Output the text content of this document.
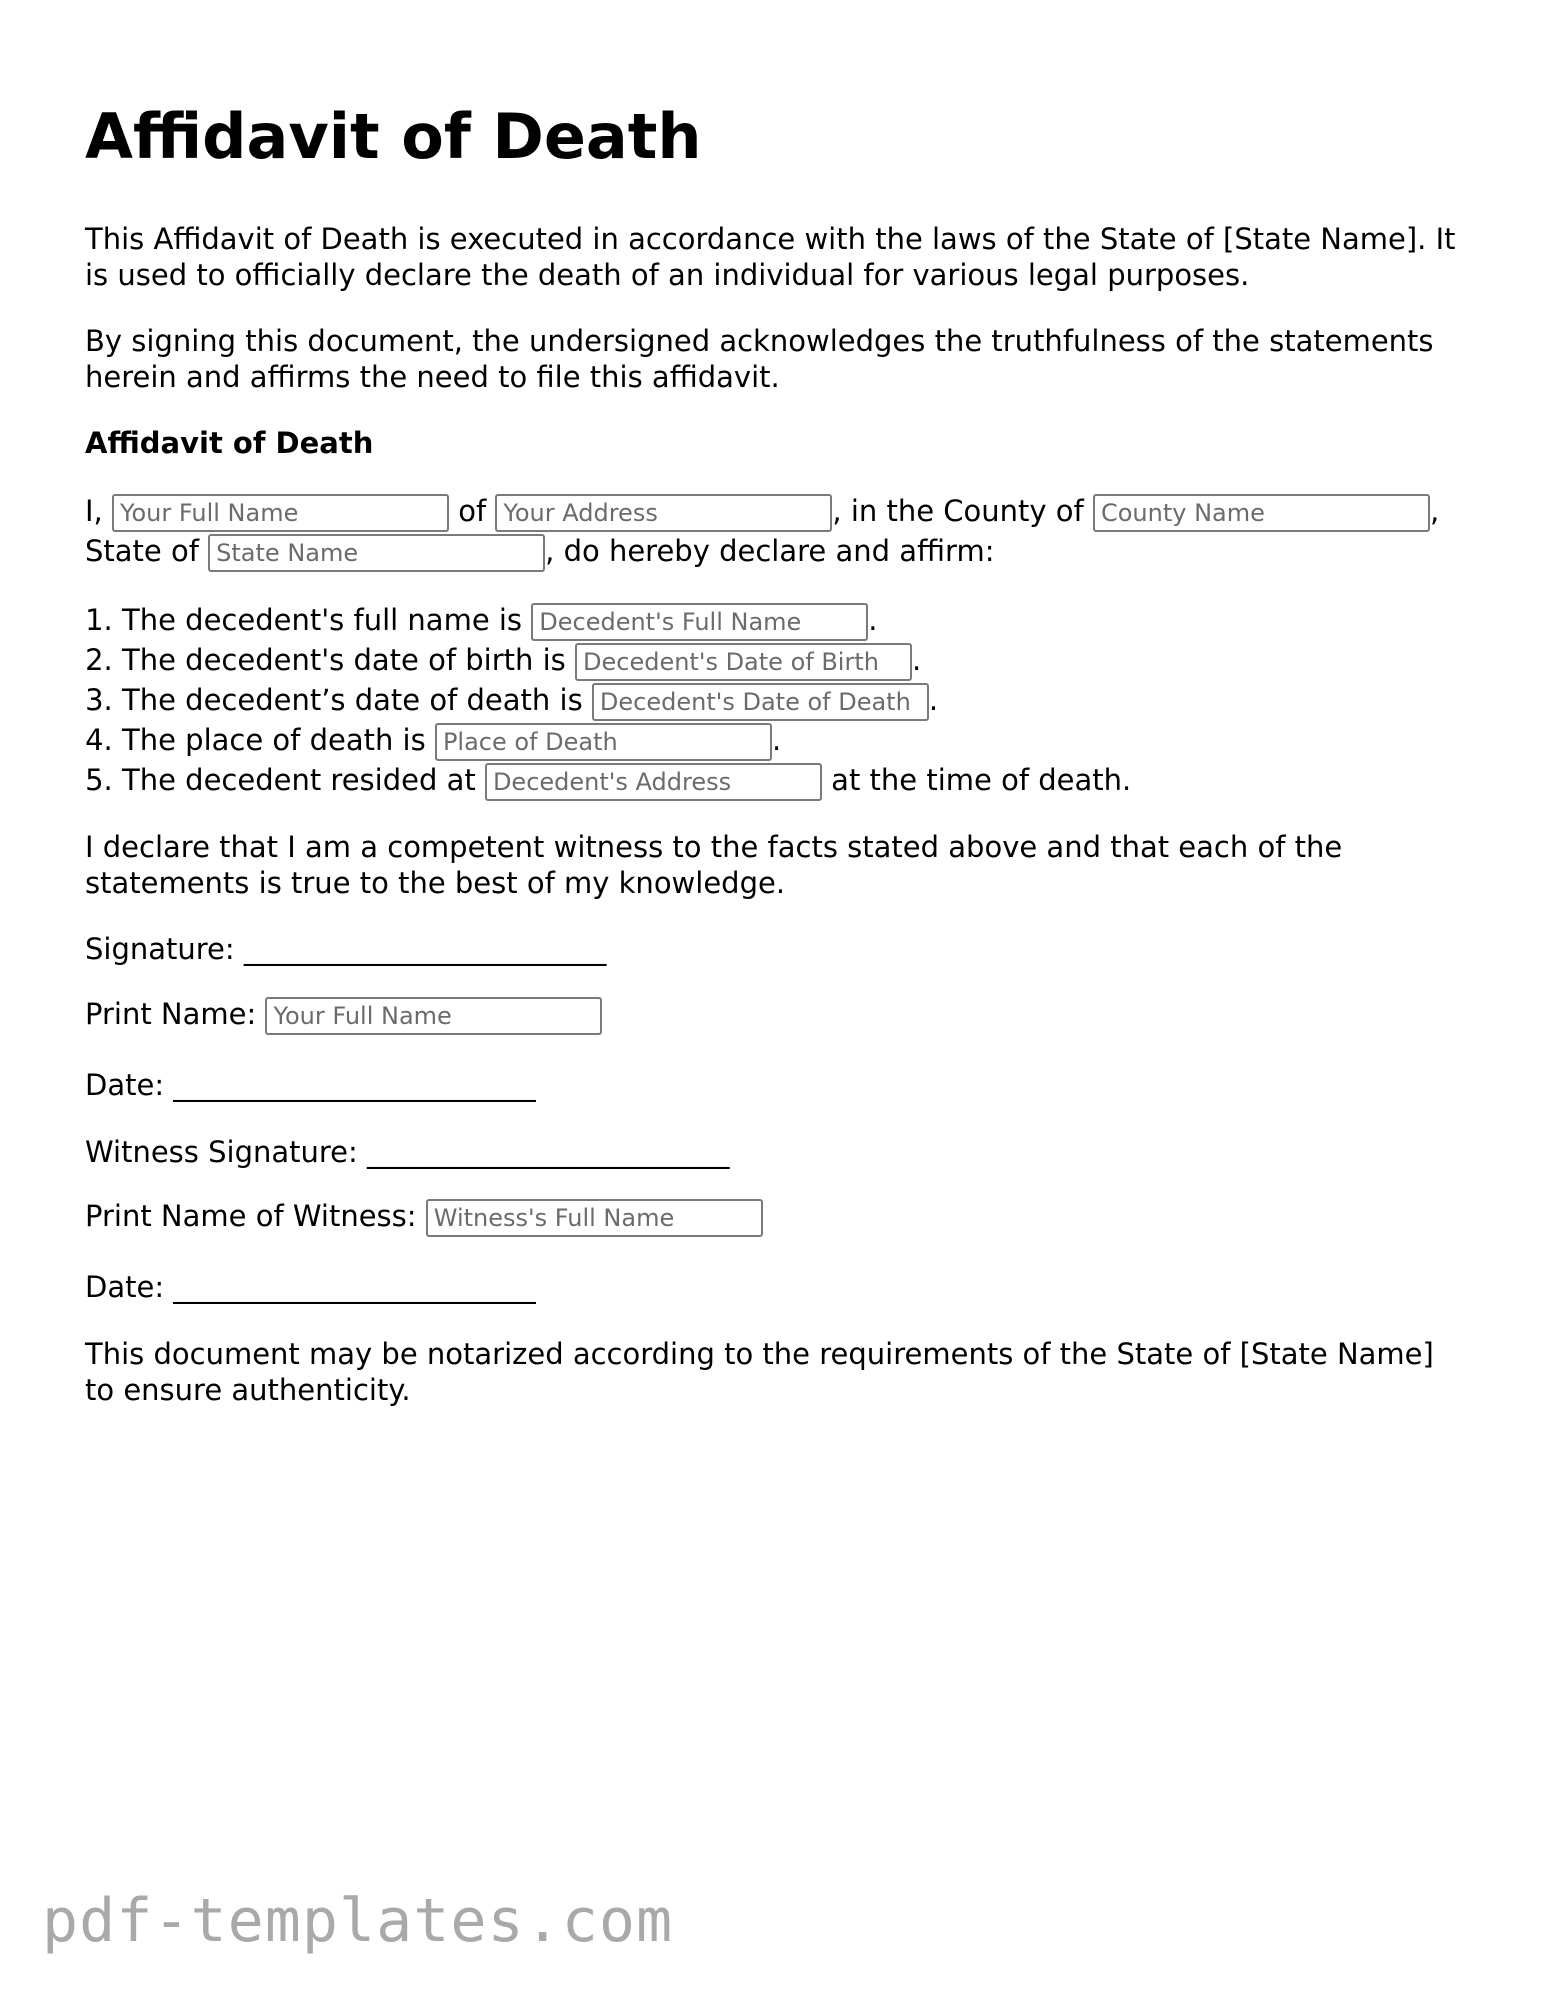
Affidavit of Death

This Affidavit of Death is executed in accordance with the laws of the State of [State Name]. It is used to officially declare the death of an individual for various legal purposes.

By signing this document, the undersigned acknowledges the truthfulness of the statements herein and affirms the need to file this affidavit.

Affidavit of Death

I, Your Full Name	of Your Address	, in the County of County Name	,
State of State Name	, do hereby declare and affirm:
1. The decedent's full name is Decedent's Full Name .
2. The decedent's date of birth is Decedent's Date of Birth .
3. The decedent’s date of death is Decedent's Date of Death .
4. The place of death is Place of Death	.
5. The decedent resided at Decedent's Address	at the time of death.

I declare that I am a competent witness to the facts stated above and that each of the statements is true to the best of my knowledge.

Signature: _________________________

Print Name: Your Full Name

Date: _________________________

Witness Signature: _________________________

Print Name of Witness: Witness's Full Name

Date: _________________________

This document may be notarized according to the requirements of the State of [State Name] to ensure authenticity.

pdf-templates.com
